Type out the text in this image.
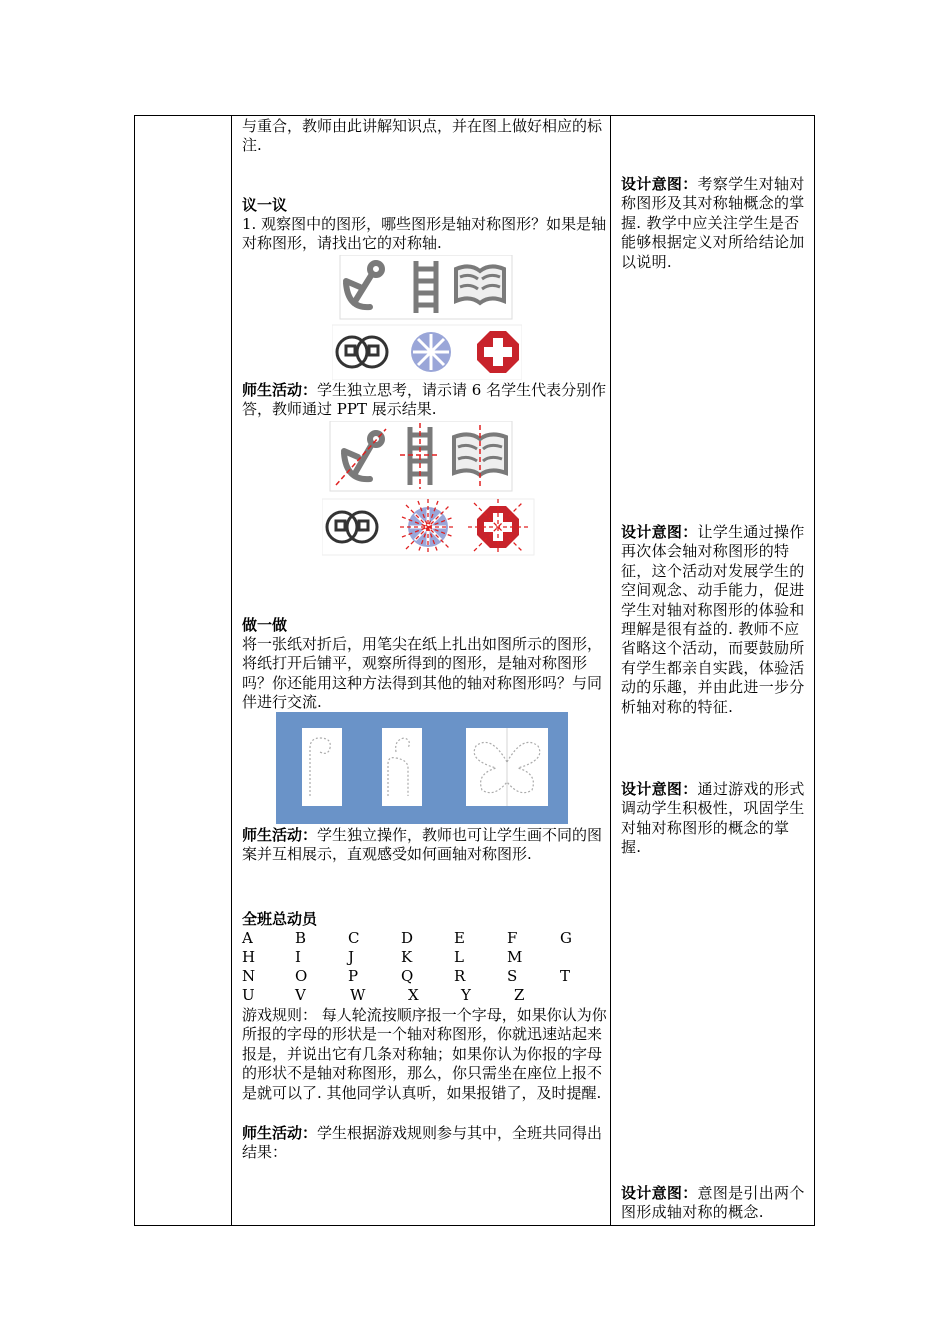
与重合，教师由此讲解知识点，并在图上做好相应的标注.

议一议

1. 观察图中的图形，哪些图形是轴对称图形？如果是轴对称图形，请找出它的对称轴.

师生活动：学生独立思考，请示请 6 名学生代表分别作答，教师通过 PPT 展示结果.

做一做

将一张纸对折后，用笔尖在纸上扎出如图所示的图形，将纸打开后铺平，观察所得到的图形，是轴对称图形吗？你还能用这种方法得到其他的轴对称图形吗？与同伴进行交流.

师生活动：学生独立操作，教师也可让学生画不同的图案并互相展示，直观感受如何画轴对称图形.

全班总动员

A	B	C	D	E	F	G
H	I	J	K	L	M
N	O	P	Q	R	S	T
U	V	W	X	Y	Z

游戏规则： 每人轮流按顺序报一个字母，如果你认为你所报的字母的形状是一个轴对称图形，你就迅速站起来报是，并说出它有几条对称轴；如果你认为你报的字母的形状不是轴对称图形，那么，你只需坐在座位上报不是就可以了. 其他同学认真听，如果报错了，及时提醒.

师生活动：学生根据游戏规则参与其中，全班共同得出结果：

设计意图：考察学生对轴对称图形及其对称轴概念的掌握. 教学中应关注学生是否能够根据定义对所给结论加以说明.
设计意图：让学生通过操作再次体会轴对称图形的特征，这个活动对发展学生的空间观念、动手能力，促进学生对轴对称图形的体验和理解是很有益的. 教师不应省略这个活动，而要鼓励所有学生都亲自实践，体验活动的乐趣，并由此进一步分析轴对称的特征.
设计意图：通过游戏的形式调动学生积极性，巩固学生对轴对称图形的概念的掌握.
设计意图：意图是引出两个图形成轴对称的概念.
